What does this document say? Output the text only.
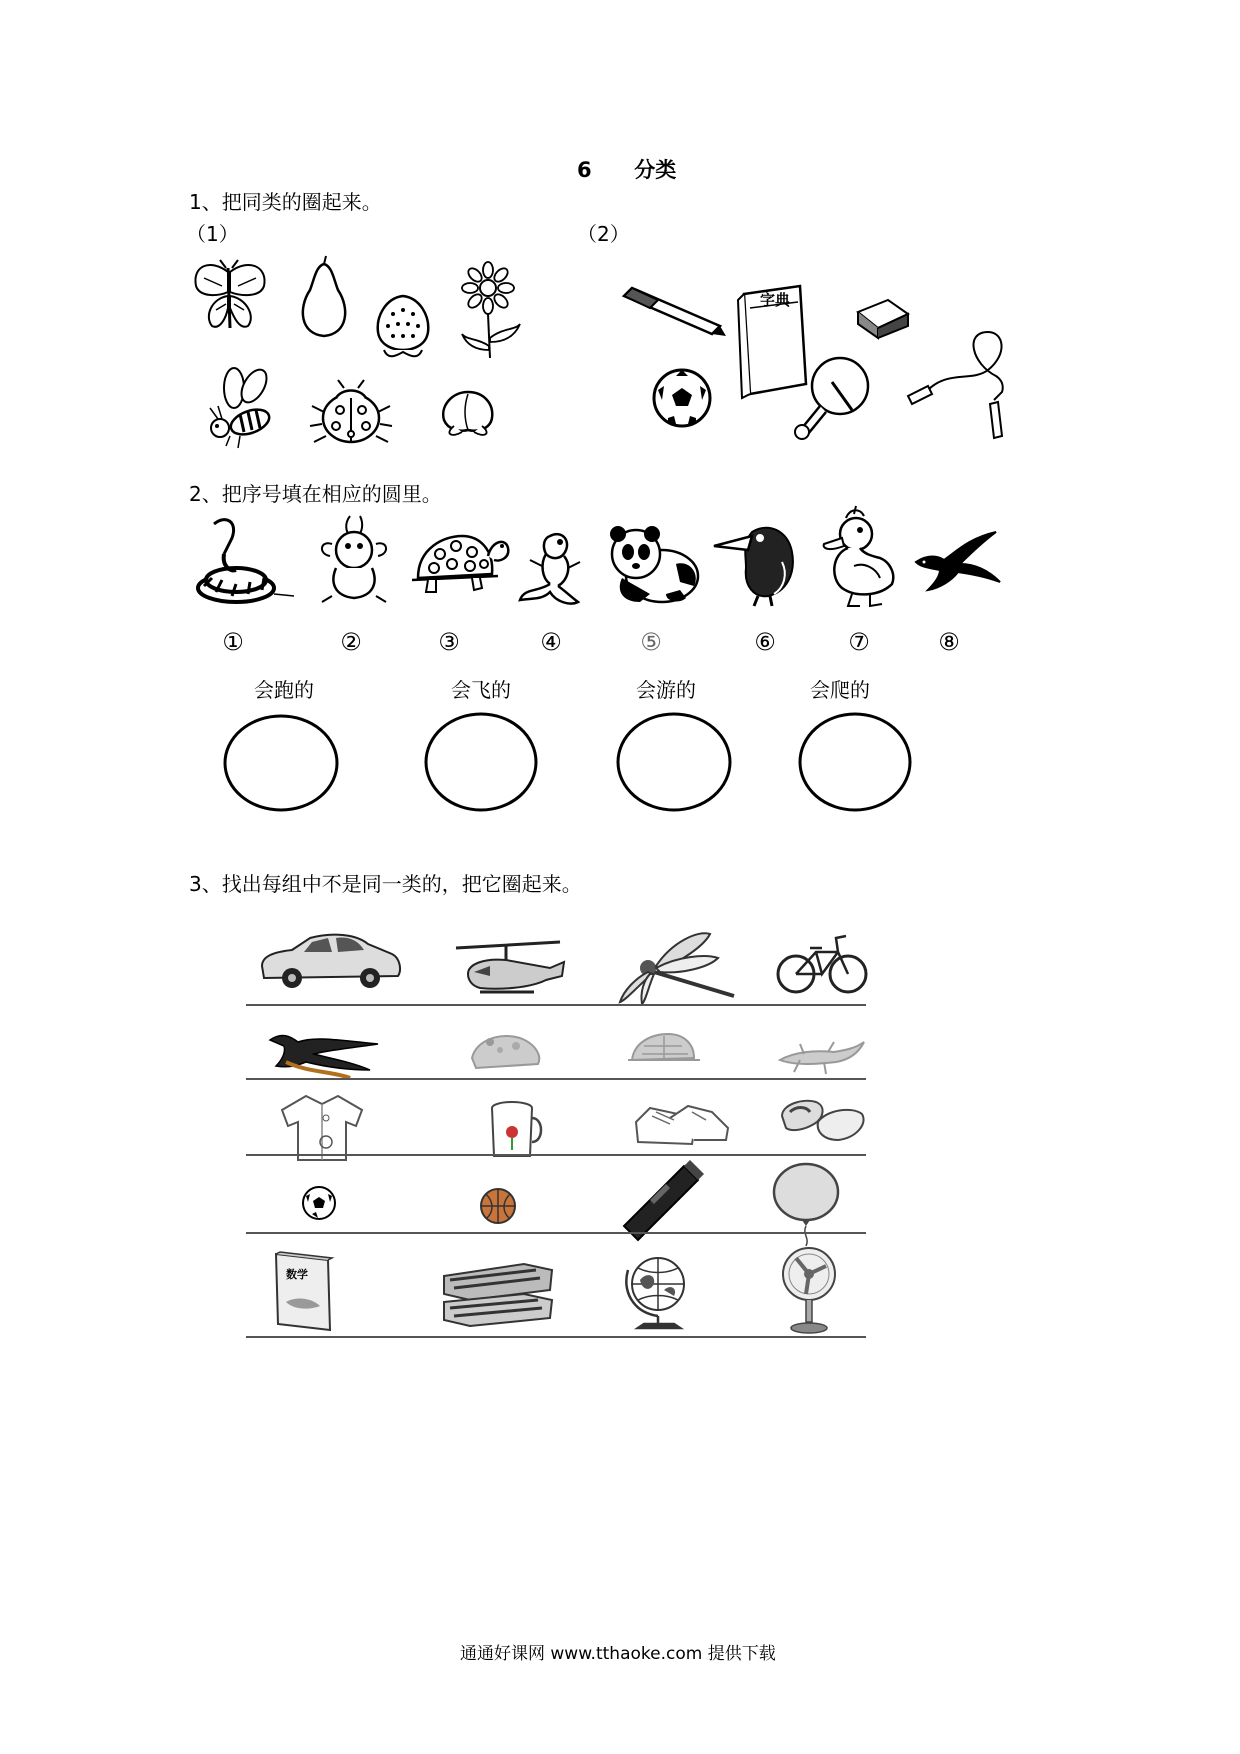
6 分类
1、把同类的圈起来。
（1）	（2）
字典
2、把序号填在相应的圆里。
①	②	③	④	⑤	⑥	⑦	⑧
会跑的	会飞的	会游的	会爬的
3、找出每组中不是同一类的，把它圈起来。
数学
通通好课网 www.tthaoke.com 提供下载
